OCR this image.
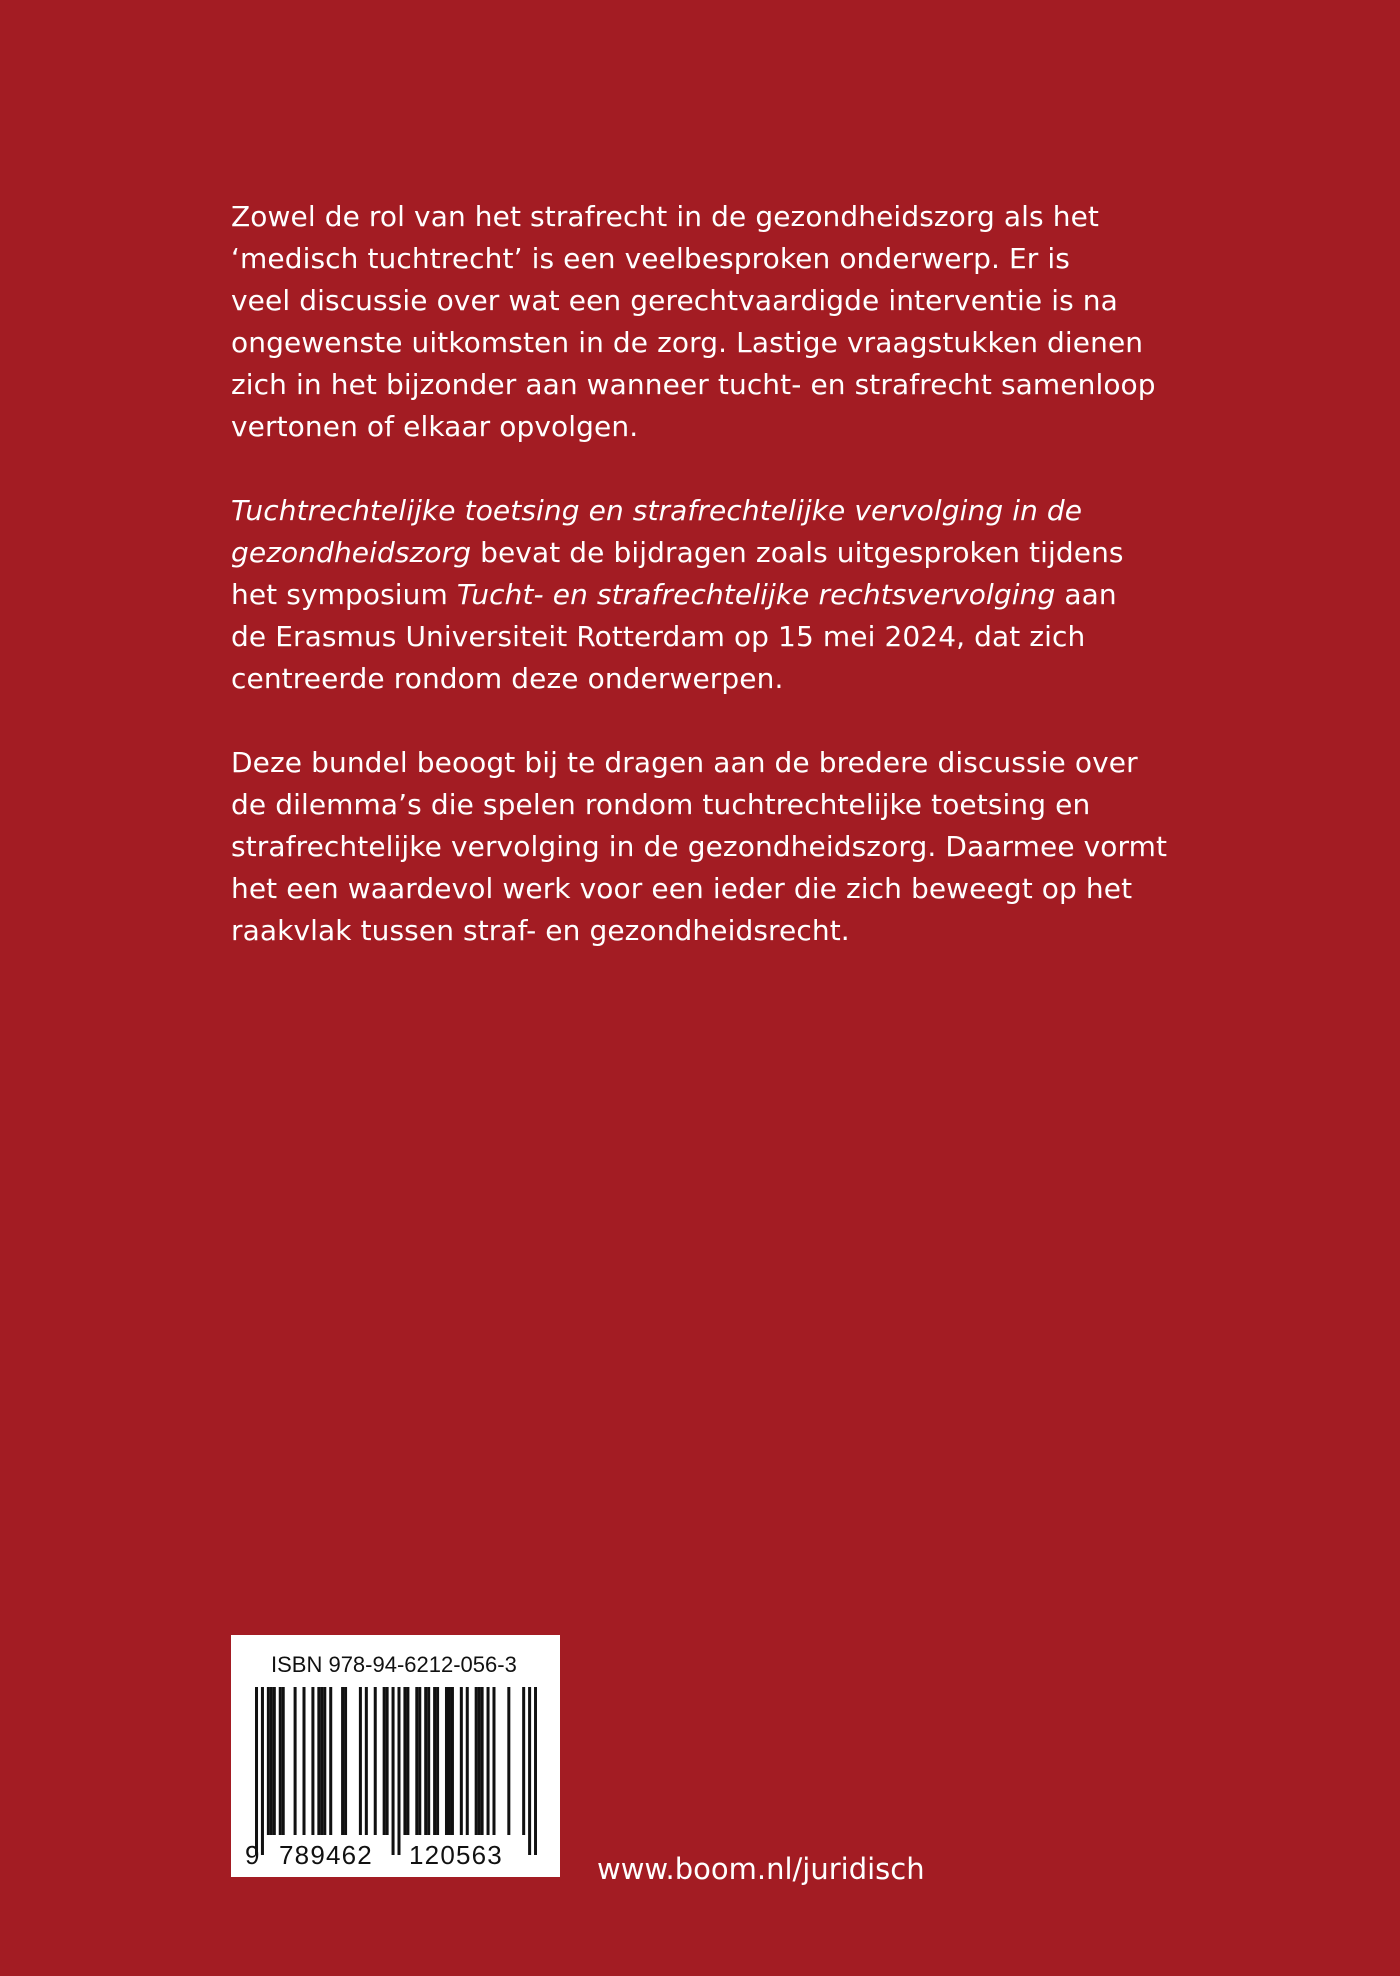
Zowel de rol van het strafrecht in de gezondheidszorg als het
‘medisch tuchtrecht’ is een veelbesproken onderwerp. Er is
veel discussie over wat een gerechtvaardigde interventie is na
ongewenste uitkomsten in de zorg. Lastige vraagstukken dienen
zich in het bijzonder aan wanneer tucht- en strafrecht samenloop
vertonen of elkaar opvolgen.

Tuchtrechtelijke toetsing en strafrechtelijke vervolging in de
gezondheidszorg bevat de bijdragen zoals uitgesproken tijdens
het symposium Tucht- en strafrechtelijke rechtsvervolging aan
de Erasmus Universiteit Rotterdam op 15 mei 2024, dat zich
centreerde rondom deze onderwerpen.

Deze bundel beoogt bij te dragen aan de bredere discussie over
de dilemma’s die spelen rondom tuchtrechtelijke toetsing en
strafrechtelijke vervolging in de gezondheidszorg. Daarmee vormt
het een waardevol werk voor een ieder die zich beweegt op het
raakvlak tussen straf- en gezondheidsrecht.

ISBN 978-94-6212-056-3
9 789462 120563	www.boom.nl/juridisch
